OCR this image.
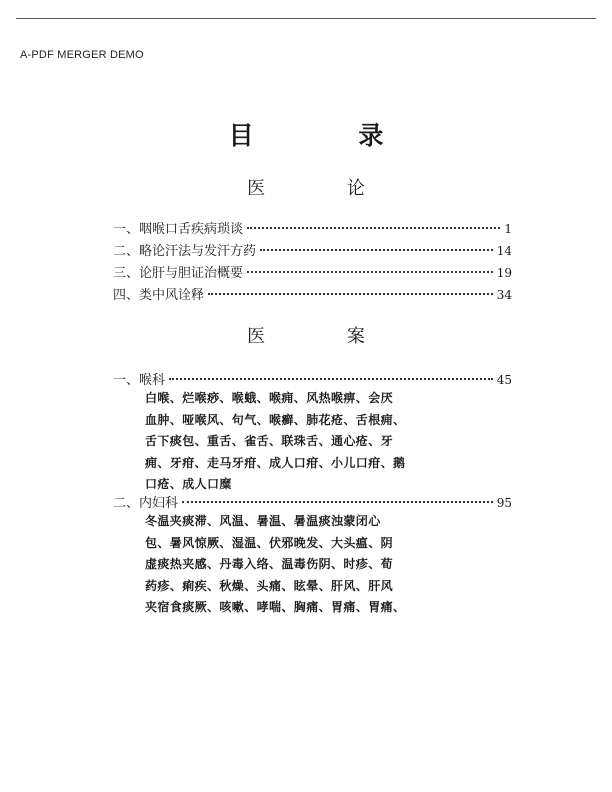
A-PDF MERGER DEMO
目 录
医 论
一、咽喉口舌疾病琐谈	1
二、略论汗法与发汗方药	14
三、论肝与胆证治概要	19
四、类中风诠释	34
医 案
一、喉科	45
白喉、烂喉痧、喉蛾、喉痈、风热喉痹、会厌
血肿、哑喉风、句气、喉癣、肺花疮、舌根痈、
舌下痰包、重舌、雀舌、联珠舌、通心疮、牙
痈、牙疳、走马牙疳、成人口疳、小儿口疳、鹅
口疮、成人口糜
二、内妇科	95
冬温夹痰滞、风温、暑温、暑温痰浊蒙闭心
包、暑风惊厥、湿温、伏邪晚发、大头瘟、阴
虚痰热夹感、丹毒入络、温毒伤阴、时疹、荀
药疹、痢疾、秋燥、头痛、眩晕、肝风、肝风
夹宿食痰厥、咳嗽、哮喘、胸痛、胃痛、胃痛、
